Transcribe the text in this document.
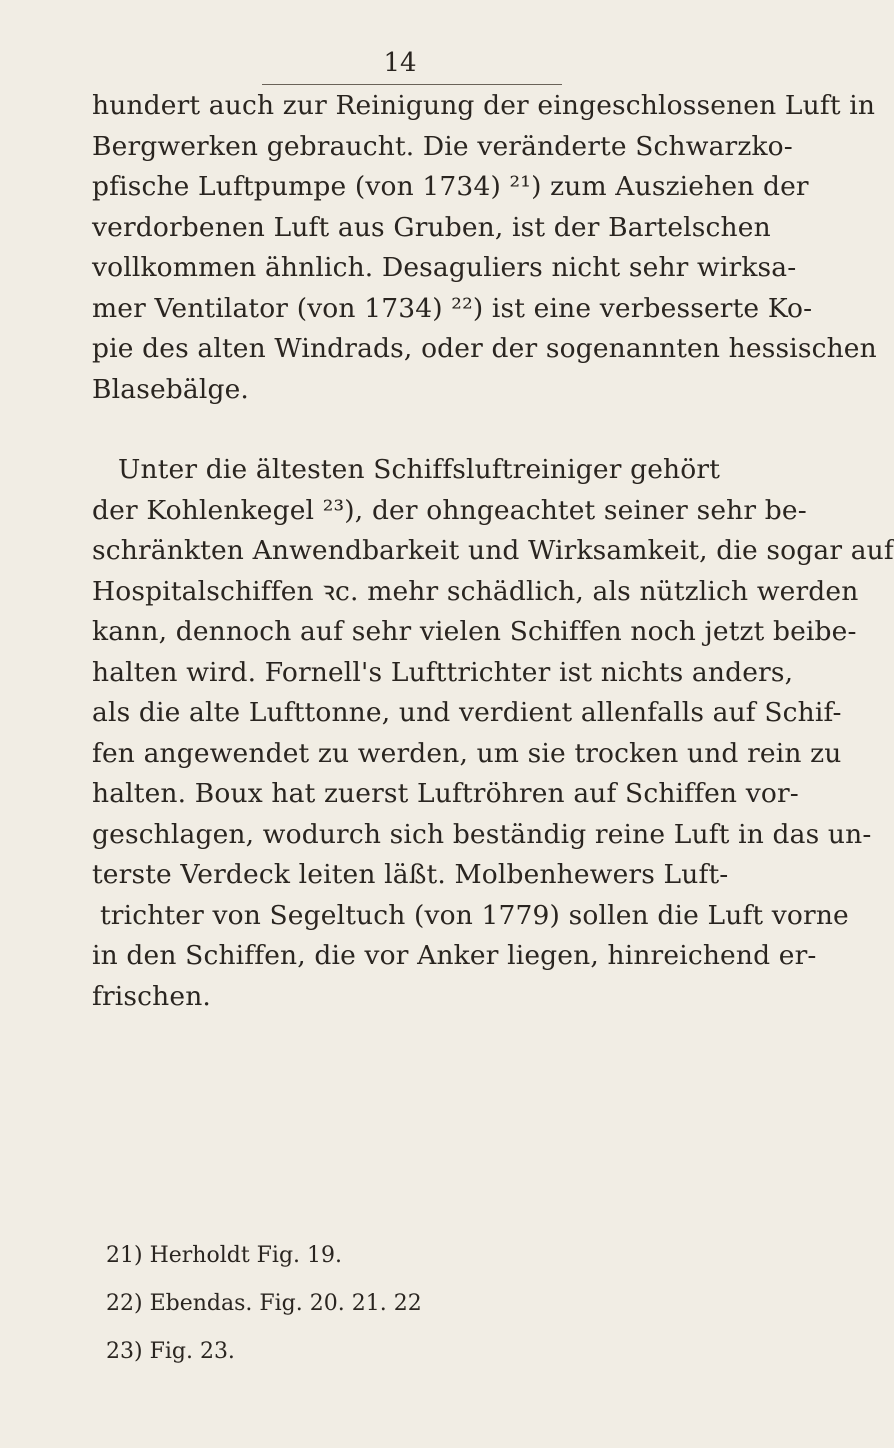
14
hundert auch zur Reinigung der eingeschlossenen Luft in
Bergwerken gebraucht. Die veränderte Schwarzko-
pfische Luftpumpe (von 1734) ²¹) zum Ausziehen der
verdorbenen Luft aus Gruben, ist der Bartelschen
vollkommen ähnlich. Desaguliers nicht sehr wirksa-
mer Ventilator (von 1734) ²²) ist eine verbesserte Ko-
pie des alten Windrads, oder der sogenannten hessischen
Blasebälge.
Unter die ältesten Schiffsluftreiniger gehört
der Kohlenkegel ²³), der ohngeachtet seiner sehr be-
schränkten Anwendbarkeit und Wirksamkeit, die sogar auf
Hospitalschiffen ꝛc. mehr schädlich, als nützlich werden
kann, dennoch auf sehr vielen Schiffen noch jetzt beibe-
halten wird. Fornell's Lufttrichter ist nichts anders,
als die alte Lufttonne, und verdient allenfalls auf Schif-
fen angewendet zu werden, um sie trocken und rein zu
halten. Boux hat zuerst Luftröhren auf Schiffen vor-
geschlagen, wodurch sich beständig reine Luft in das un-
terste Verdeck leiten läßt. Molbenhewers Luft-
trichter von Segeltuch (von 1779) sollen die Luft vorne
in den Schiffen, die vor Anker liegen, hinreichend er-
frischen.
21) Herholdt Fig. 19.
22) Ebendas. Fig. 20. 21. 22
23) Fig. 23.
